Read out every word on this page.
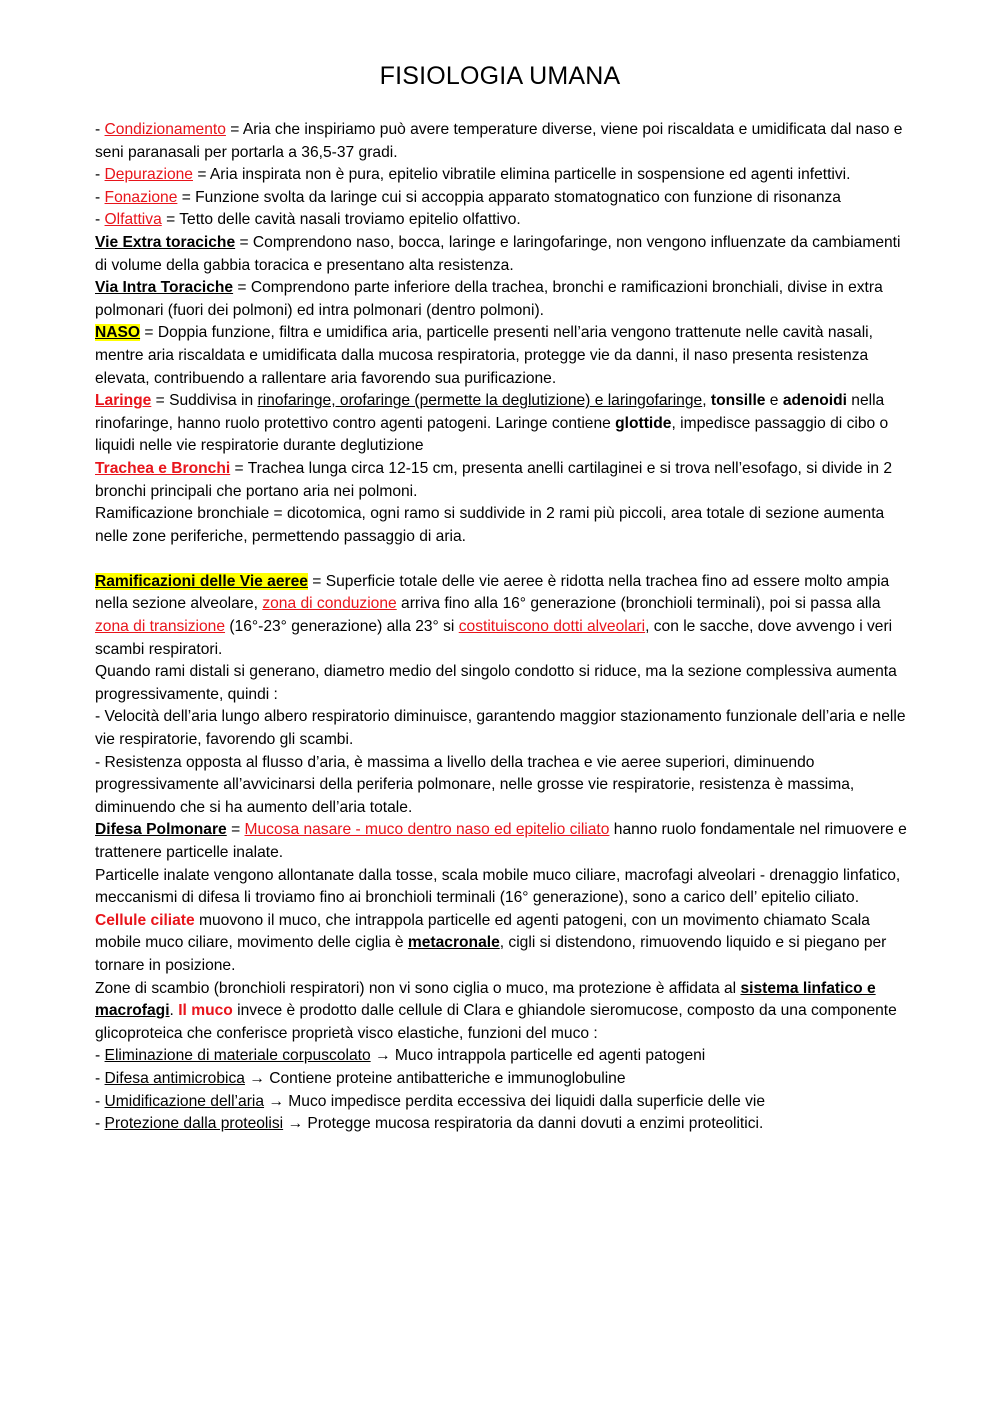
FISIOLOGIA UMANA

- Condizionamento = Aria che inspiriamo può avere temperature diverse, viene poi riscaldata e umidificata dal naso e seni paranasali per portarla a 36,5-37 gradi.

- Depurazione = Aria inspirata non è pura, epitelio vibratile elimina particelle in sospensione ed agenti infettivi.

- Fonazione = Funzione svolta da laringe cui si accoppia apparato stomatognatico con funzione di risonanza

- Olfattiva = Tetto delle cavità nasali troviamo epitelio olfattivo.

Vie Extra toraciche = Comprendono naso, bocca, laringe e laringofaringe, non vengono influenzate da cambiamenti di volume della gabbia toracica e presentano alta resistenza.

Via Intra Toraciche = Comprendono parte inferiore della trachea, bronchi e ramificazioni bronchiali, divise in extra polmonari (fuori dei polmoni) ed intra polmonari (dentro polmoni).

NASO = Doppia funzione, filtra e umidifica aria, particelle presenti nell’aria vengono trattenute nelle cavità nasali, mentre aria riscaldata e umidificata dalla mucosa respiratoria, protegge vie da danni, il naso presenta resistenza elevata, contribuendo a rallentare aria favorendo sua purificazione.

Laringe = Suddivisa in rinofaringe, orofaringe (permette la deglutizione) e laringofaringe, tonsille e adenoidi nella rinofaringe, hanno ruolo protettivo contro agenti patogeni. Laringe contiene glottide, impedisce passaggio di cibo o liquidi nelle vie respiratorie durante deglutizione

Trachea e Bronchi = Trachea lunga circa 12-15 cm, presenta anelli cartilaginei e si trova nell’esofago, si divide in 2 bronchi principali che portano aria nei polmoni.

Ramificazione bronchiale = dicotomica, ogni ramo si suddivide in 2 rami più piccoli, area totale di sezione aumenta nelle zone periferiche, permettendo passaggio di aria.

Ramificazioni delle Vie aeree = Superficie totale delle vie aeree è ridotta nella trachea fino ad essere molto ampia nella sezione alveolare, zona di conduzione arriva fino alla 16° generazione (bronchioli terminali), poi si passa alla zona di transizione (16°-23° generazione) alla 23° si costituiscono dotti alveolari, con le sacche, dove avvengo i veri scambi respiratori.

Quando rami distali si generano, diametro medio del singolo condotto si riduce, ma la sezione complessiva aumenta progressivamente, quindi :

- Velocità dell’aria lungo albero respiratorio diminuisce, garantendo maggior stazionamento funzionale dell’aria e nelle vie respiratorie, favorendo gli scambi.

- Resistenza opposta al flusso d’aria, è massima a livello della trachea e vie aeree superiori, diminuendo progressivamente all’avvicinarsi della periferia polmonare, nelle grosse vie respiratorie, resistenza è massima, diminuendo che si ha aumento dell’aria totale.

Difesa Polmonare = Mucosa nasare - muco dentro naso ed epitelio ciliato hanno ruolo fondamentale nel rimuovere e trattenere particelle inalate.

Particelle inalate vengono allontanate dalla tosse, scala mobile muco ciliare, macrofagi alveolari - drenaggio linfatico, meccanismi di difesa li troviamo fino ai bronchioli terminali (16° generazione), sono a carico dell’ epitelio ciliato.

Cellule ciliate muovono il muco, che intrappola particelle ed agenti patogeni, con un movimento chiamato Scala mobile muco ciliare, movimento delle ciglia è metacronale, cigli si distendono, rimuovendo liquido e si piegano per tornare in posizione.

Zone di scambio (bronchioli respiratori) non vi sono ciglia o muco, ma protezione è affidata al sistema linfatico e macrofagi. Il muco invece è prodotto dalle cellule di Clara e ghiandole sieromucose, composto da una componente glicoproteica che conferisce proprietà visco elastiche, funzioni del muco :

- Eliminazione di materiale corpuscolato → Muco intrappola particelle ed agenti patogeni

- Difesa antimicrobica → Contiene proteine antibatteriche e immunoglobuline

- Umidificazione dell’aria → Muco impedisce perdita eccessiva dei liquidi dalla superficie delle vie

- Protezione dalla proteolisi → Protegge mucosa respiratoria da danni dovuti a enzimi proteolitici.
